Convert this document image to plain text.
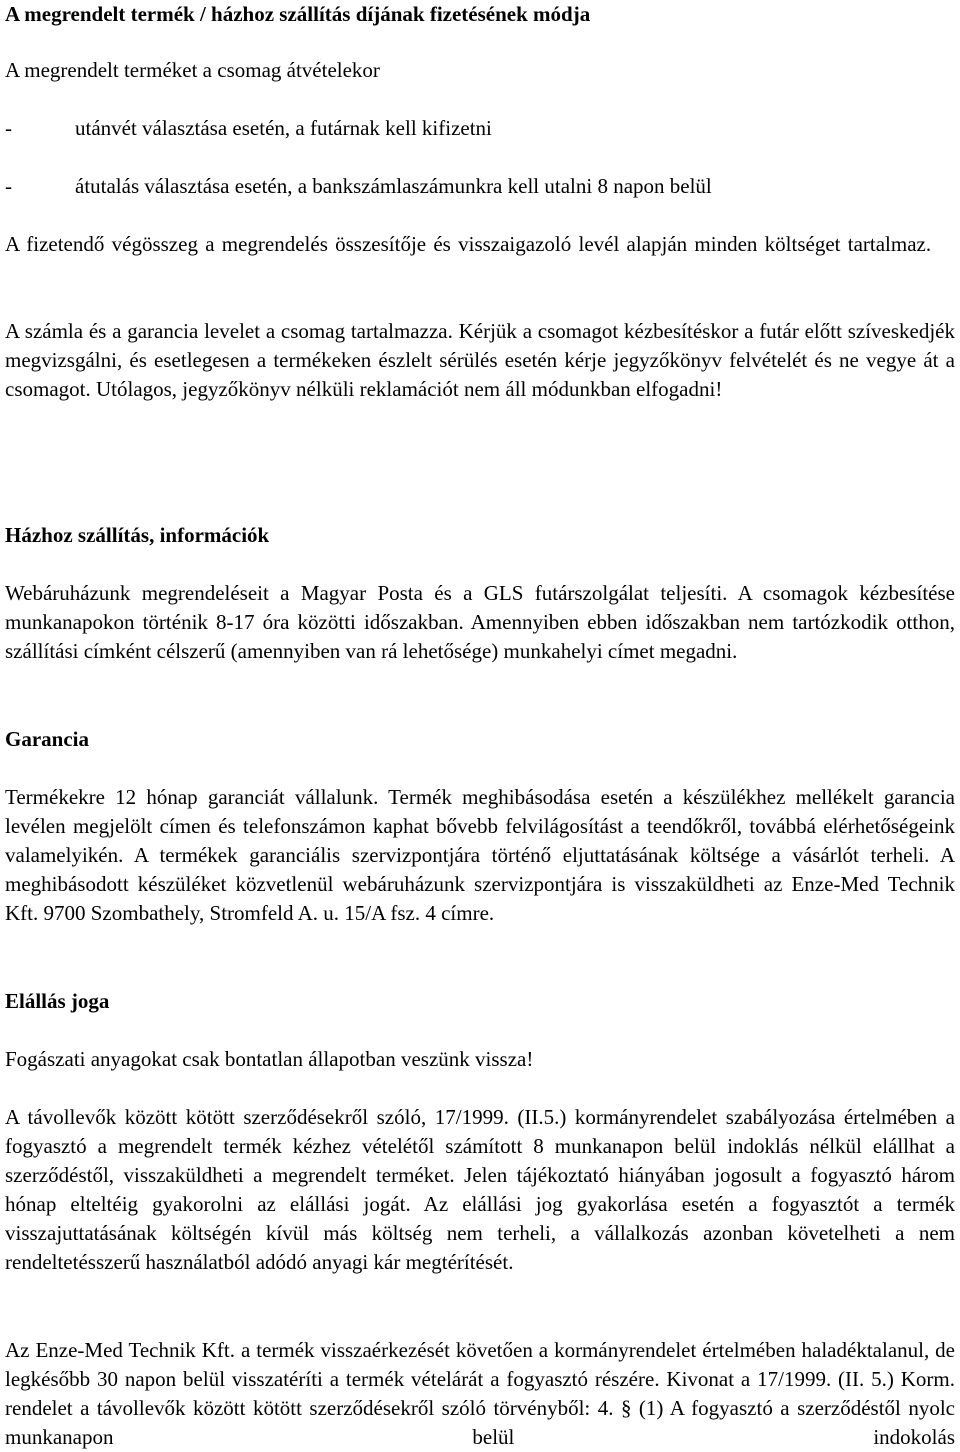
A megrendelt termék / házhoz szállítás díjának fizetésének módja
A megrendelt terméket a csomag átvételekor
-	utánvét választása esetén, a futárnak kell kifizetni
-	átutalás választása esetén, a bankszámlaszámunkra kell utalni 8 napon belül

A fizetendő végösszeg a megrendelés összesítője és visszaigazoló levél alapján minden költséget tartalmaz.

A számla és a garancia levelet a csomag tartalmazza. Kérjük a csomagot kézbesítéskor a futár előtt szíveskedjék megvizsgálni, és esetlegesen a termékeken észlelt sérülés esetén kérje jegyzőkönyv felvételét és ne vegye át a csomagot. Utólagos, jegyzőkönyv nélküli reklamációt nem áll módunkban elfogadni!

Házhoz szállítás, információk

Webáruházunk megrendeléseit a Magyar Posta és a GLS futárszolgálat teljesíti. A csomagok kézbesítése munkanapokon történik 8-17 óra közötti időszakban. Amennyiben ebben időszakban nem tartózkodik otthon, szállítási címként célszerű (amennyiben van rá lehetősége) munkahelyi címet megadni.

Garancia

Termékekre 12 hónap garanciát vállalunk. Termék meghibásodása esetén a készülékhez mellékelt garancia levélen megjelölt címen és telefonszámon kaphat bővebb felvilágosítást a teendőkről, továbbá elérhetőségeink valamelyikén. A termékek garanciális szervizpontjára történő eljuttatásának költsége a vásárlót terheli. A meghibásodott készüléket közvetlenül webáruházunk szervizpontjára is visszaküldheti az Enze-Med Technik Kft. 9700 Szombathely, Stromfeld A. u. 15/A fsz. 4 címre.

Elállás joga
Fogászati anyagokat csak bontatlan állapotban veszünk vissza!

A távollevők között kötött szerződésekről szóló, 17/1999. (II.5.) kormányrendelet szabályozása értelmében a fogyasztó a megrendelt termék kézhez vételétől számított 8 munkanapon belül indoklás nélkül elállhat a szerződéstől, visszaküldheti a megrendelt terméket. Jelen tájékoztató hiányában jogosult a fogyasztó három hónap elteltéig gyakorolni az elállási jogát. Az elállási jog gyakorlása esetén a fogyasztót a termék visszajuttatásának költségén kívül más költség nem terheli, a vállalkozás azonban követelheti a nem rendeltetésszerű használatból adódó anyagi kár megtérítését.

Az Enze-Med Technik Kft. a termék visszaérkezését követően a kormányrendelet értelmében haladéktalanul, de legkésőbb 30 napon belül visszatéríti a termék vételárát a fogyasztó részére. Kivonat a 17/1999. (II. 5.) Korm. rendelet a távollevők között kötött szerződésekről szóló törvényből: 4. § (1) A fogyasztó a szerződéstől nyolc munkanapon belül indokolás
